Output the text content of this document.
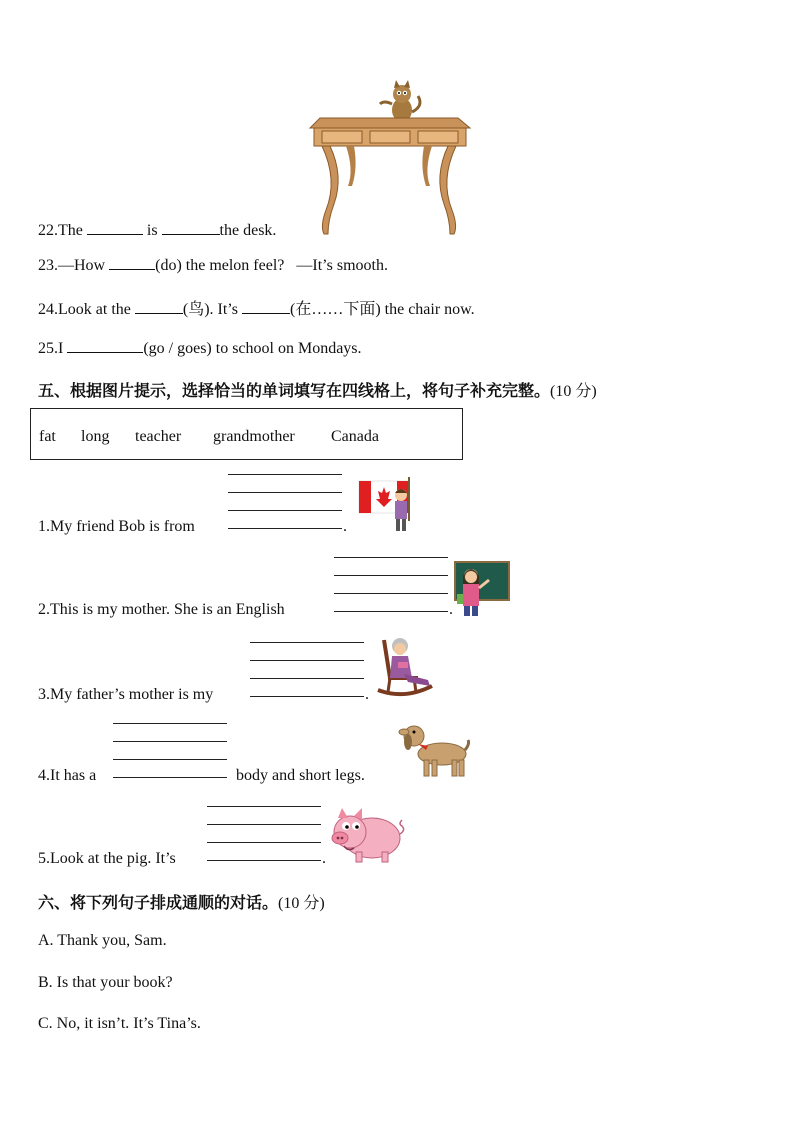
22.The	is	the desk.
23.—How	(do) the melon feel? —It’s smooth.
24.Look at the	(鸟). It’s	(在……下面) the chair now.
25.I	(go / goes) to school on Mondays.
五、根据图片提示，选择恰当的单词填写在四线格上，将句子补充完整。(10 分)
fat long teacher grandmother Canada
1.My friend Bob is from	.
2.This is my mother. She is an English	.
3.My father’s mother is my	.
4.It has a	body and short legs.
5.Look at the pig. It’s	.
六、将下列句子排成通顺的对话。(10 分)
A. Thank you, Sam.
B. Is that your book?
C. No, it isn’t. It’s Tina’s.
